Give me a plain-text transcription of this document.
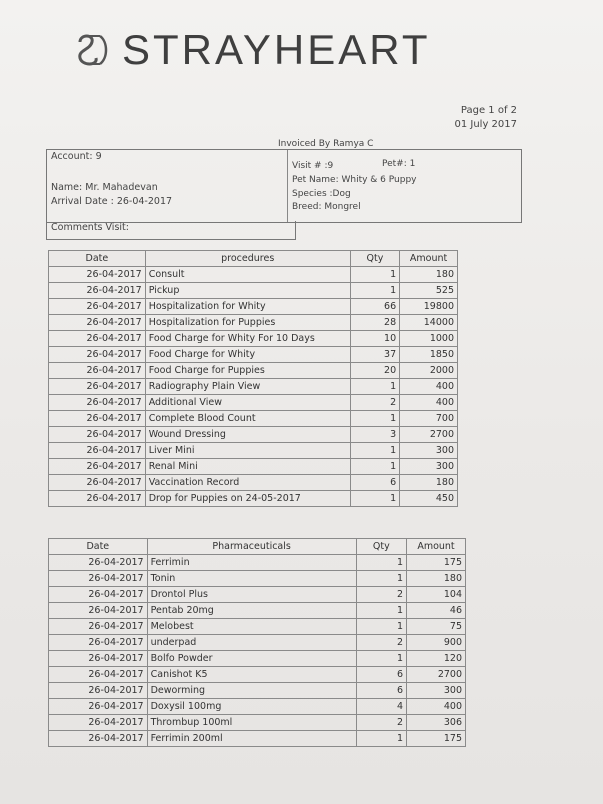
STRAYHEART
Page 1 of 2
01 July 2017
Invoiced By Ramya C
Account: 9
Name: Mr. Mahadevan
Arrival Date : 26-04-2017
Visit # :9	Pet#: 1
Pet Name: Whity & 6 Puppy
Species :Dog
Breed: Mongrel
Comments Visit:
Date	procedures	Qty	Amount
26-04-2017	Consult	1	180
26-04-2017	Pickup	1	525
26-04-2017	Hospitalization for Whity	66	19800
26-04-2017	Hospitalization for Puppies	28	14000
26-04-2017	Food Charge for Whity For 10 Days	10	1000
26-04-2017	Food Charge for Whity	37	1850
26-04-2017	Food Charge for Puppies	20	2000
26-04-2017	Radiography Plain View	1	400
26-04-2017	Additional View	2	400
26-04-2017	Complete Blood Count	1	700
26-04-2017	Wound Dressing	3	2700
26-04-2017	Liver Mini	1	300
26-04-2017	Renal Mini	1	300
26-04-2017	Vaccination Record	6	180
26-04-2017	Drop for Puppies on 24-05-2017	1	450
Date	Pharmaceuticals	Qty	Amount
26-04-2017	Ferrimin	1	175
26-04-2017	Tonin	1	180
26-04-2017	Drontol Plus	2	104
26-04-2017	Pentab 20mg	1	46
26-04-2017	Melobest	1	75
26-04-2017	underpad	2	900
26-04-2017	Bolfo Powder	1	120
26-04-2017	Canishot K5	6	2700
26-04-2017	Deworming	6	300
26-04-2017	Doxysil 100mg	4	400
26-04-2017	Thrombup 100ml	2	306
26-04-2017	Ferrimin 200ml	1	175
